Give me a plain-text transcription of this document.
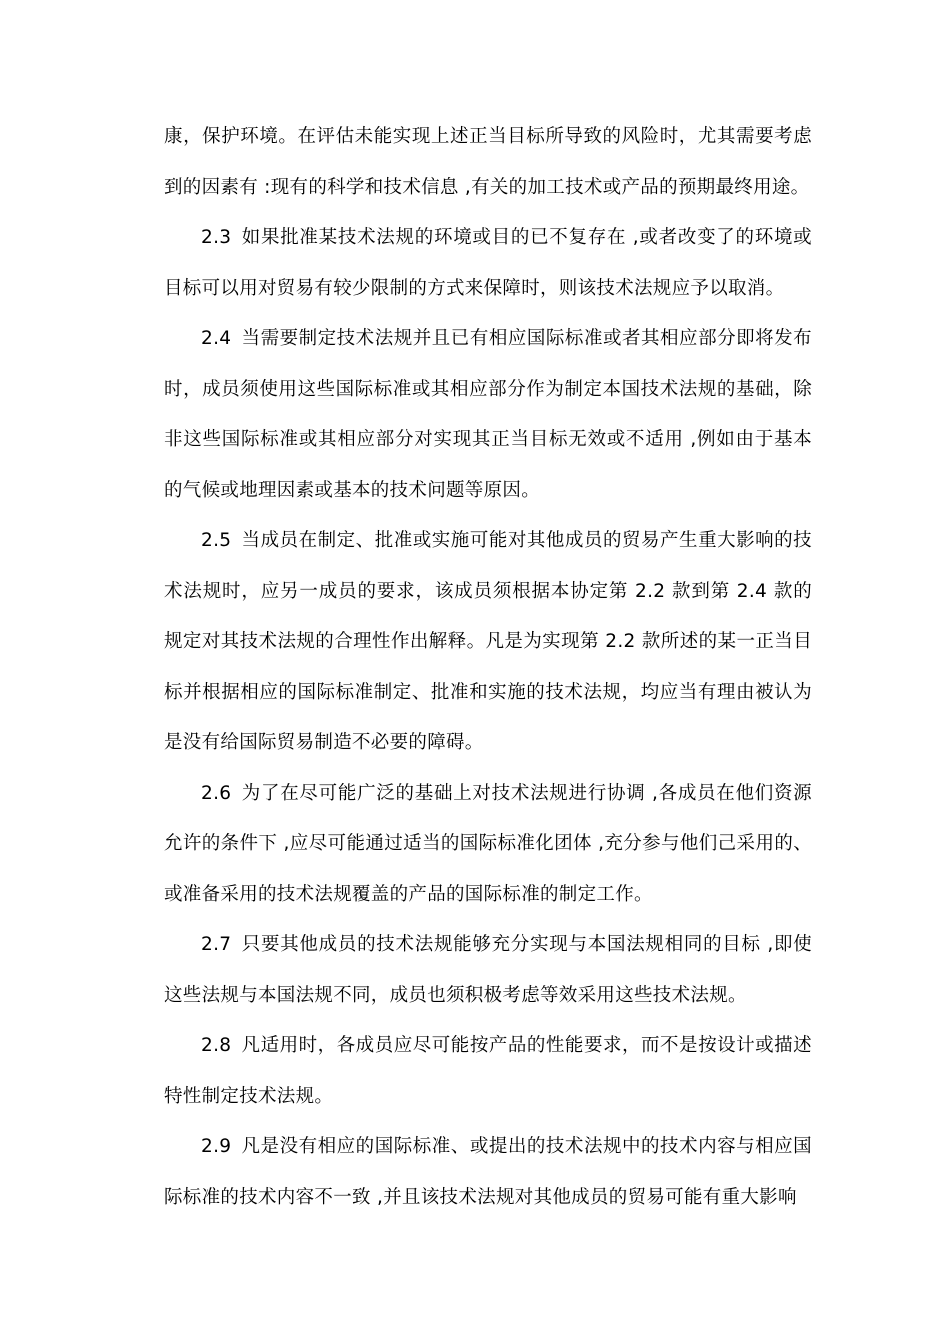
康，保护环境。在评估未能实现上述正当目标所导致的风险时，尤其需要考虑到的因素有 :现有的科学和技术信息 ,有关的加工技术或产品的预期最终用途。

2.3 如果批准某技术法规的环境或目的已不复存在 ,或者改变了的环境或目标可以用对贸易有较少限制的方式来保障时，则该技术法规应予以取消。

2.4 当需要制定技术法规并且已有相应国际标准或者其相应部分即将发布时，成员须使用这些国际标准或其相应部分作为制定本国技术法规的基础，除非这些国际标准或其相应部分对实现其正当目标无效或不适用 ,例如由于基本的气候或地理因素或基本的技术问题等原因。

2.5 当成员在制定、批准或实施可能对其他成员的贸易产生重大影响的技术法规时，应另一成员的要求，该成员须根据本协定第 2.2 款到第 2.4 款的规定对其技术法规的合理性作出解释。凡是为实现第 2.2 款所述的某一正当目标并根据相应的国际标准制定、批准和实施的技术法规，均应当有理由被认为是没有给国际贸易制造不必要的障碍。

2.6 为了在尽可能广泛的基础上对技术法规进行协调 ,各成员在他们资源允许的条件下 ,应尽可能通过适当的国际标准化团体 ,充分参与他们己采用的、或准备采用的技术法规覆盖的产品的国际标准的制定工作。

2.7 只要其他成员的技术法规能够充分实现与本国法规相同的目标 ,即使这些法规与本国法规不同，成员也须积极考虑等效采用这些技术法规。

2.8 凡适用时，各成员应尽可能按产品的性能要求，而不是按设计或描述特性制定技术法规。

2.9 凡是没有相应的国际标准、或提出的技术法规中的技术内容与相应国际标准的技术内容不一致 ,并且该技术法规对其他成员的贸易可能有重大影响
